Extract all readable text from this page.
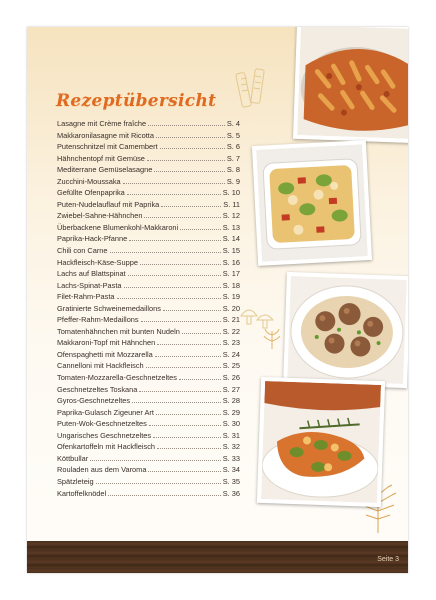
Rezeptübersicht
Lasagne mit Crème fraîche	S. 4
Makkaronilasagne mit Ricotta	S. 5
Putenschnitzel mit Camembert	S. 6
Hähnchentopf mit Gemüse	S. 7
Mediterrane Gemüselasagne	S. 8
Zucchini-Moussaka	S. 9
Gefüllte Ofenpaprika	S. 10
Puten-Nudelauflauf mit Paprika	S. 11
Zwiebel-Sahne-Hähnchen	S. 12
Überbackene Blumenkohl-Makkaroni	S. 13
Paprika-Hack-Pfanne	S. 14
Chili con Carne	S. 15
Hackfleisch-Käse-Suppe	S. 16
Lachs auf Blattspinat	S. 17
Lachs-Spinat-Pasta	S. 18
Filet-Rahm-Pasta	S. 19
Gratinierte Schweinemedaillons	S. 20
Pfeffer-Rahm-Medaillons	S. 21
Tomatenhähnchen mit bunten Nudeln	S. 22
Makkaroni-Topf mit Hähnchen	S. 23
Ofenspaghetti mit Mozzarella	S. 24
Cannelloni mit Hackfleisch	S. 25
Tomaten-Mozzarella-Geschnetzeltes	S. 26
Geschnetzeltes Toskana	S. 27
Gyros-Geschnetzeltes	S. 28
Paprika-Gulasch Zigeuner Art	S. 29
Puten-Wok-Geschnetzeltes	S. 30
Ungarisches Geschnetzeltes	S. 31
Ofenkartoffeln mit Hackfleisch	S. 32
Köttbullar	S. 33
Rouladen aus dem Varoma	S. 34
Spätzleteig	S. 35
Kartoffelknödel	S. 36
Seite 3
